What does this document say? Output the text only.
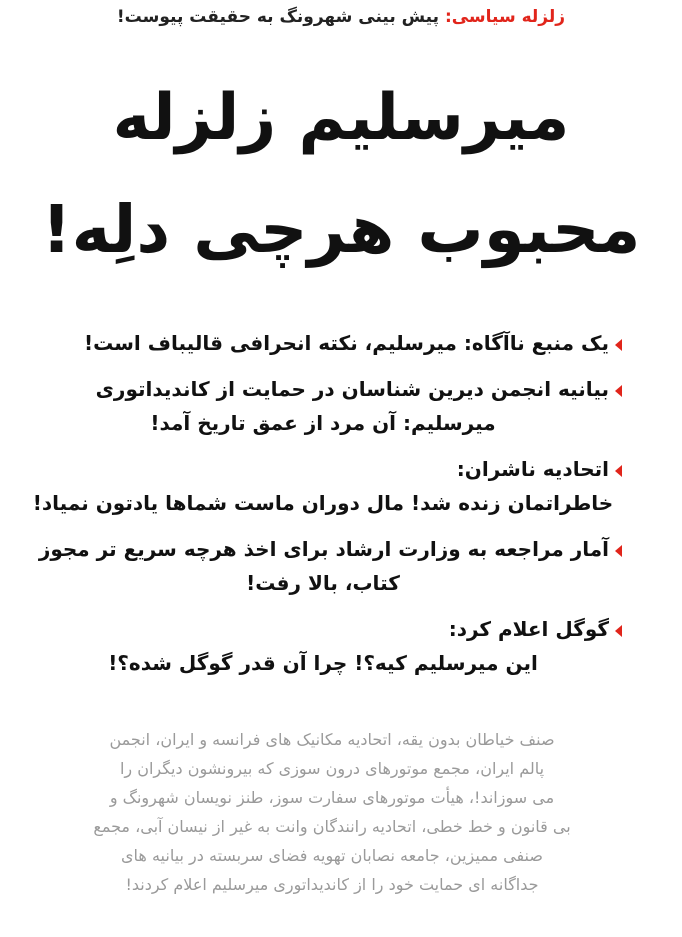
زلزله سیاسی: پیش بینی شهرونگ به حقیقت پیوست!
میرسلیم زلزله
محبوب هرچی دلِه!
یک منبع ناآگاه: میرسلیم، نکته انحرافی قالیباف است!
بیانیه انجمن دیرین شناسان در حمایت از کاندیداتوری
میرسلیم: آن مرد از عمق تاریخ آمد!
اتحادیه ناشران:
خاطراتمان زنده شد! مال دوران ماست شماها یادتون نمیاد!
آمار مراجعه به وزارت ارشاد برای اخذ هرچه سریع تر مجوز
کتاب، بالا رفت!
گوگل اعلام کرد:
این میرسلیم کیه؟! چرا آن قدر گوگل شده؟!
صنف خیاطان بدون یقه، اتحادیه مکانیک های فرانسه و ایران، انجمن
پالم ایران، مجمع موتورهای درون سوزی که بیرونشون دیگران را
می سوزاند!، هیأت موتورهای سفارت سوز، طنز نویسان شهرونگ و
بی قانون و خط خطی، اتحادیه رانندگان وانت به غیر از نیسان آبی، مجمع
صنفی ممیزین، جامعه نصابان تهویه فضای سربسته در بیانیه های
جداگانه ای حمایت خود را از کاندیداتوری میرسلیم اعلام کردند!
